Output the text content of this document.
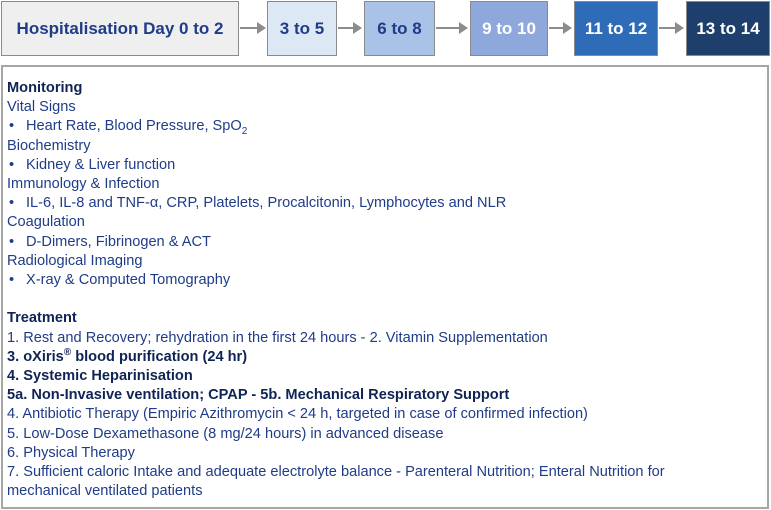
Hospitalisation Day 0 to 2	3 to 5	6 to 8	9 to 10	11 to 12	13 to 14
Monitoring
Vital Signs
• Heart Rate, Blood Pressure, SpO$_2$
Biochemistry
• Kidney & Liver function
Immunology & Infection
• IL-6, IL-8 and TNF-α, CRP, Platelets, Procalcitonin, Lymphocytes and NLR
Coagulation
• D-Dimers, Fibrinogen & ACT
Radiological Imaging
• X-ray & Computed Tomography
Treatment
1. Rest and Recovery; rehydration in the first 24 hours - 2. Vitamin Supplementation
3. oXiris® blood purification (24 hr)
4. Systemic Heparinisation
5a. Non-Invasive ventilation; CPAP - 5b. Mechanical Respiratory Support
4. Antibiotic Therapy (Empiric Azithromycin < 24 h, targeted in case of confirmed infection)
5. Low-Dose Dexamethasone (8 mg/24 hours) in advanced disease
6. Physical Therapy
7. Sufficient caloric Intake and adequate electrolyte balance - Parenteral Nutrition; Enteral Nutrition for
mechanical ventilated patients
